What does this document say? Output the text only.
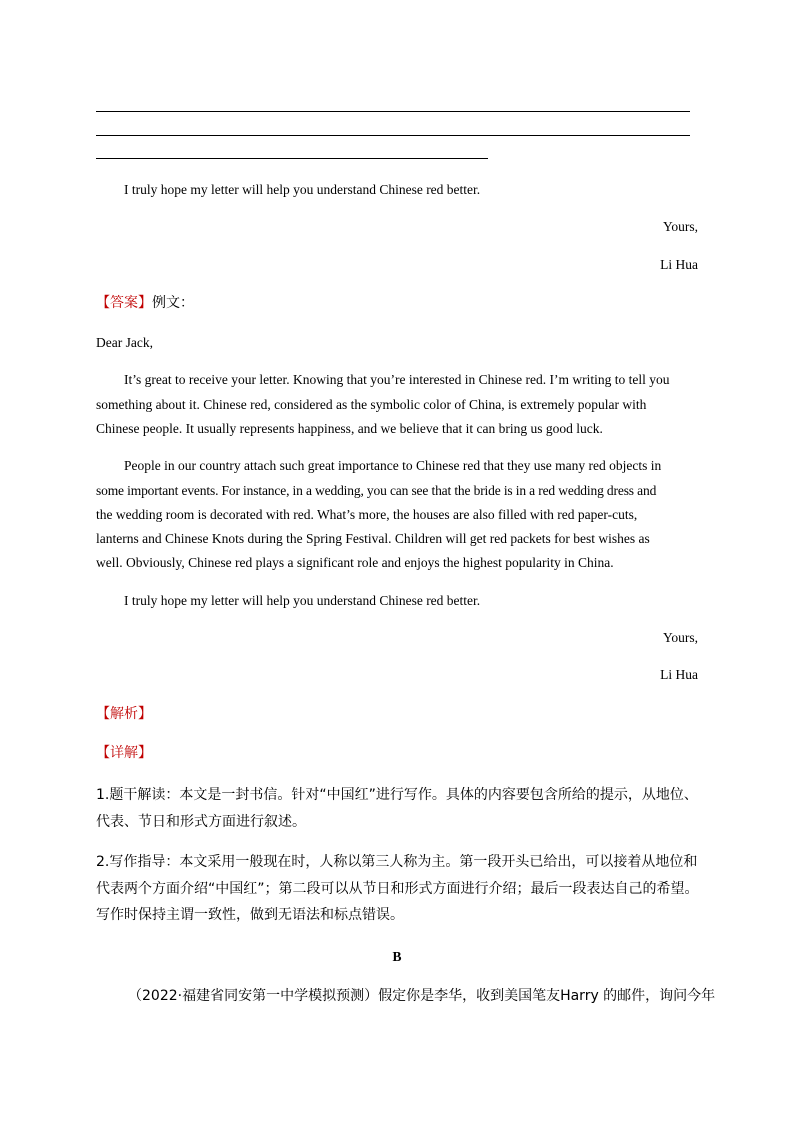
I truly hope my letter will help you understand Chinese red better.
Yours,
Li Hua
【答案】例文：
Dear Jack,
It’s great to receive your letter. Knowing that you’re interested in Chinese red. I’m writing to tell you
something about it. Chinese red, considered as the symbolic color of China, is extremely popular with
Chinese people. It usually represents happiness, and we believe that it can bring us good luck.
People in our country attach such great importance to Chinese red that they use many red objects in
some important events. For instance, in a wedding, you can see that the bride is in a red wedding dress and
the wedding room is decorated with red. What’s more, the houses are also filled with red paper-cuts,
lanterns and Chinese Knots during the Spring Festival. Children will get red packets for best wishes as
well. Obviously, Chinese red plays a significant role and enjoys the highest popularity in China.
I truly hope my letter will help you understand Chinese red better.
Yours,
Li Hua
【解析】
【详解】
1.题干解读：本文是一封书信。针对“中国红”进行写作。具体的内容要包含所给的提示，从地位、
代表、节日和形式方面进行叙述。
2.写作指导：本文采用一般现在时，人称以第三人称为主。第一段开头已给出，可以接着从地位和
代表两个方面介绍“中国红”；第二段可以从节日和形式方面进行介绍；最后一段表达自己的希望。
写作时保持主谓一致性，做到无语法和标点错误。
B
（2022·福建省同安第一中学模拟预测）假定你是李华，收到美国笔友Harry 的邮件，询问今年
